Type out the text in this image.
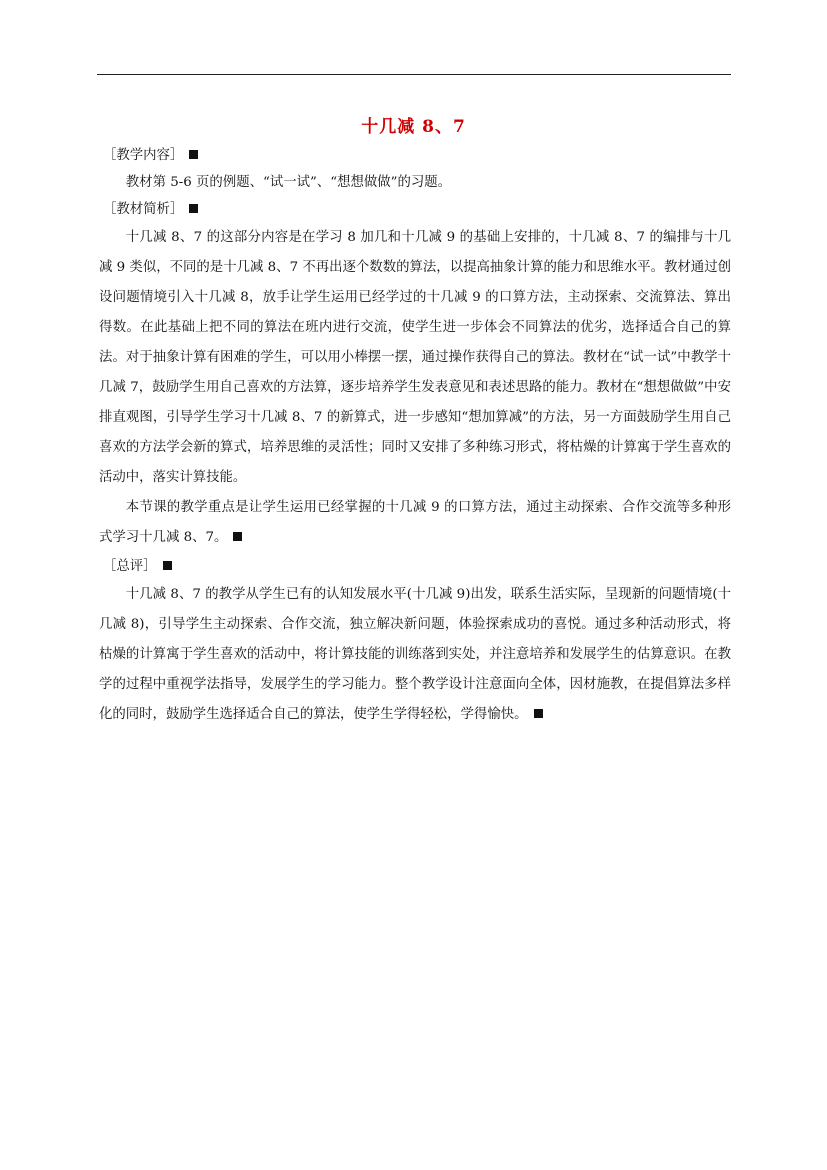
十几减 8、7
［教学内容］

教材第 5-6 页的例题、“试一试”、“想想做做”的习题。

［教材简析］

十几减 8、7 的这部分内容是在学习 8 加几和十几减 9 的基础上安排的，十几减 8、7 的编排与十几减 9 类似，不同的是十几减 8、7 不再出逐个数数的算法，以提高抽象计算的能力和思维水平。教材通过创设问题情境引入十几减 8，放手让学生运用已经学过的十几减 9 的口算方法，主动探索、交流算法、算出得数。在此基础上把不同的算法在班内进行交流，使学生进一步体会不同算法的优劣，选择适合自己的算法。对于抽象计算有困难的学生，可以用小棒摆一摆，通过操作获得自己的算法。教材在“试一试”中教学十几减 7，鼓励学生用自己喜欢的方法算，逐步培养学生发表意见和表述思路的能力。教材在“想想做做”中安排直观图，引导学生学习十几减 8、7 的新算式，进一步感知“想加算减”的方法，另一方面鼓励学生用自己喜欢的方法学会新的算式，培养思维的灵活性；同时又安排了多种练习形式，将枯燥的计算寓于学生喜欢的活动中，落实计算技能。

本节课的教学重点是让学生运用已经掌握的十几减 9 的口算方法，通过主动探索、合作交流等多种形式学习十几减 8、7。

［总评］

十几减 8、7 的教学从学生已有的认知发展水平(十几减 9)出发，联系生活实际，呈现新的问题情境(十几减 8)，引导学生主动探索、合作交流，独立解决新问题，体验探索成功的喜悦。通过多种活动形式，将枯燥的计算寓于学生喜欢的活动中，将计算技能的训练落到实处，并注意培养和发展学生的估算意识。在教学的过程中重视学法指导，发展学生的学习能力。整个教学设计注意面向全体，因材施教，在提倡算法多样化的同时，鼓励学生选择适合自己的算法，使学生学得轻松，学得愉快。
